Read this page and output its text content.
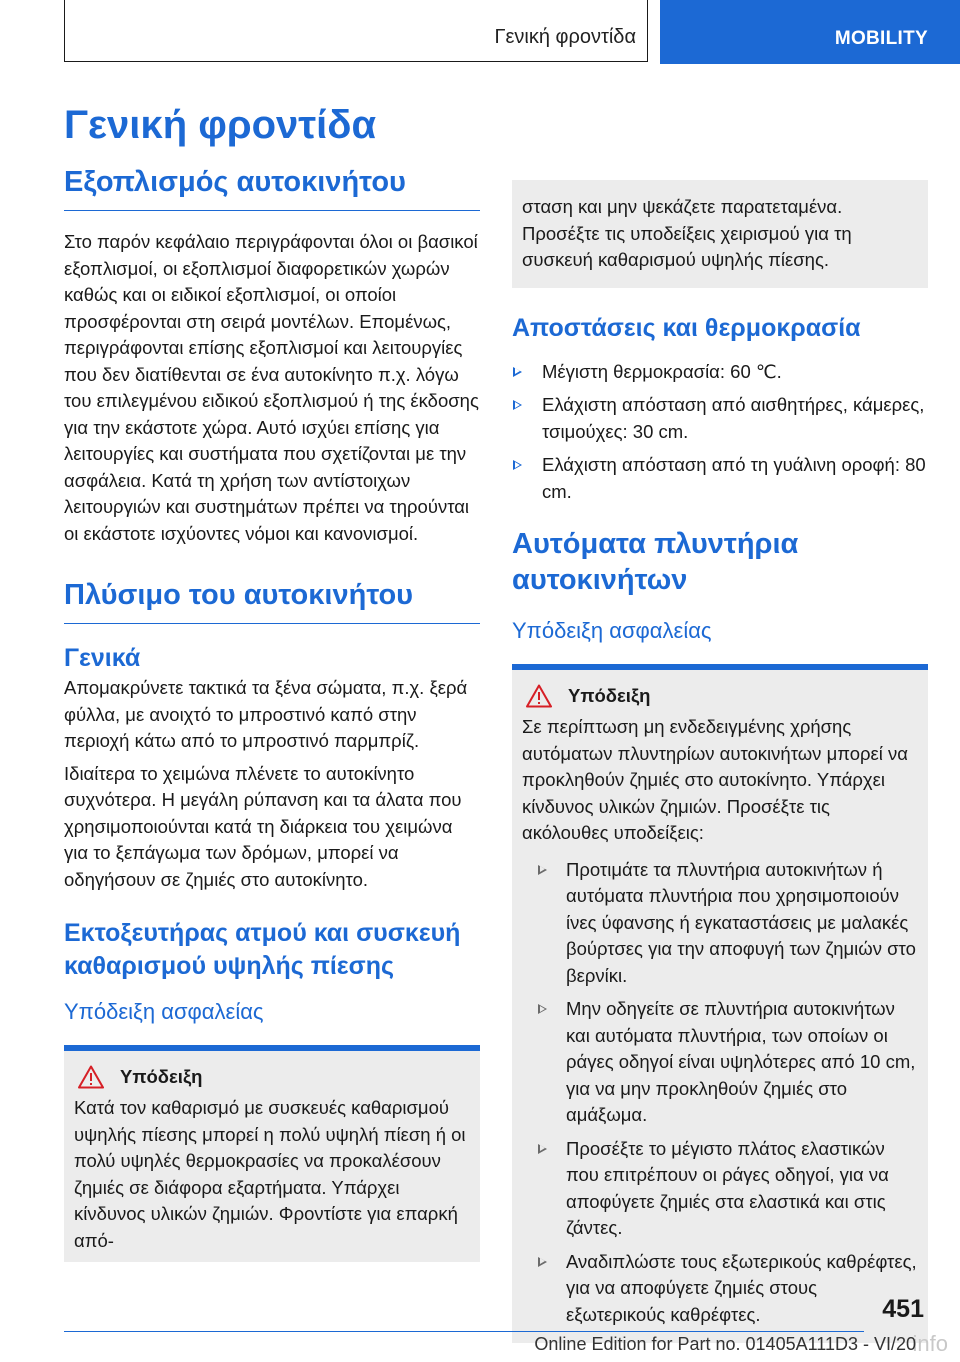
Γενική φροντίδα	MOBILITY
Γενική φροντίδα
Εξοπλισμός αυτοκινήτου

Στο παρόν κεφάλαιο περιγράφονται όλοι οι βασικοί εξοπλισμοί, οι εξοπλισμοί διαφορετικών χωρών καθώς και οι ειδικοί εξοπλισμοί, οι οποίοι προσφέρονται στη σειρά μοντέλων. Επομένως, περιγράφονται επίσης εξοπλισμοί και λειτουργίες που δεν διατίθενται σε ένα αυτοκίνητο π.χ. λόγω του επιλεγμένου ειδικού εξοπλισμού ή της έκδοσης για την εκάστοτε χώρα. Αυτό ισχύει επίσης για λειτουργίες και συστήματα που σχετίζονται με την ασφάλεια. Κατά τη χρήση των αντίστοιχων λειτουργιών και συστημάτων πρέπει να τηρούνται οι εκάστοτε ισχύοντες νόμοι και κανονισμοί.

Πλύσιμο του αυτοκινήτου
Γενικά

Απομακρύνετε τακτικά τα ξένα σώματα, π.χ. ξερά φύλλα, με ανοιχτό το μπροστινό καπό στην περιοχή κάτω από το μπροστινό παρμπρίζ.

Ιδιαίτερα το χειμώνα πλένετε το αυτοκίνητο συχνότερα. Η μεγάλη ρύπανση και τα άλατα που χρησιμοποιούνται κατά τη διάρκεια του χειμώνα για το ξεπάγωμα των δρόμων, μπορεί να οδηγήσουν σε ζημιές στο αυτοκίνητο.

Εκτοξευτήρας ατμού και συσκευή καθαρισμού υψηλής πίεσης
Υπόδειξη ασφαλείας
Υπόδειξη

Κατά τον καθαρισμό με συσκευές καθαρισμού υψηλής πίεσης μπορεί η πολύ υψηλή πίεση ή οι πολύ υψηλές θερμοκρασίες να προκαλέσουν ζημιές σε διάφορα εξαρτήματα. Υπάρχει κίνδυνος υλικών ζημιών. Φροντίστε για επαρκή από-

σταση και μην ψεκάζετε παρατεταμένα. Προσέξτε τις υποδείξεις χειρισμού για τη συσκευή καθαρισμού υψηλής πίεσης.

Αποστάσεις και θερμοκρασία
Μέγιστη θερμοκρασία: 60 ℃.
Ελάχιστη απόσταση από αισθητήρες, κάμερες, τσιμούχες: 30 cm.
Ελάχιστη απόσταση από τη γυάλινη οροφή: 80 cm.
Αυτόματα πλυντήρια αυτοκινήτων
Υπόδειξη ασφαλείας
Υπόδειξη

Σε περίπτωση μη ενδεδειγμένης χρήσης αυτόματων πλυντηρίων αυτοκινήτων μπορεί να προκληθούν ζημιές στο αυτοκίνητο. Υπάρχει κίνδυνος υλικών ζημιών. Προσέξτε τις ακόλουθες υποδείξεις:

Προτιμάτε τα πλυντήρια αυτοκινήτων ή αυτόματα πλυντήρια που χρησιμοποιούν ίνες ύφανσης ή εγκαταστάσεις με μαλακές βούρτσες για την αποφυγή των ζημιών στο βερνίκι.
Μην οδηγείτε σε πλυντήρια αυτοκινήτων και αυτόματα πλυντήρια, των οποίων οι ράγες οδηγοί είναι υψηλότερες από 10 cm, για να μην προκληθούν ζημιές στο αμάξωμα.
Προσέξτε το μέγιστο πλάτος ελαστικών που επιτρέπουν οι ράγες οδηγοί, για να αποφύγετε ζημιές στα ελαστικά και στις ζάντες.
Αναδιπλώστε τους εξωτερικούς καθρέφτες, για να αποφύγετε ζημιές στους εξωτερικούς καθρέφτες.	451
info
Online Edition for Part no. 01405A111D3 - VI/20
